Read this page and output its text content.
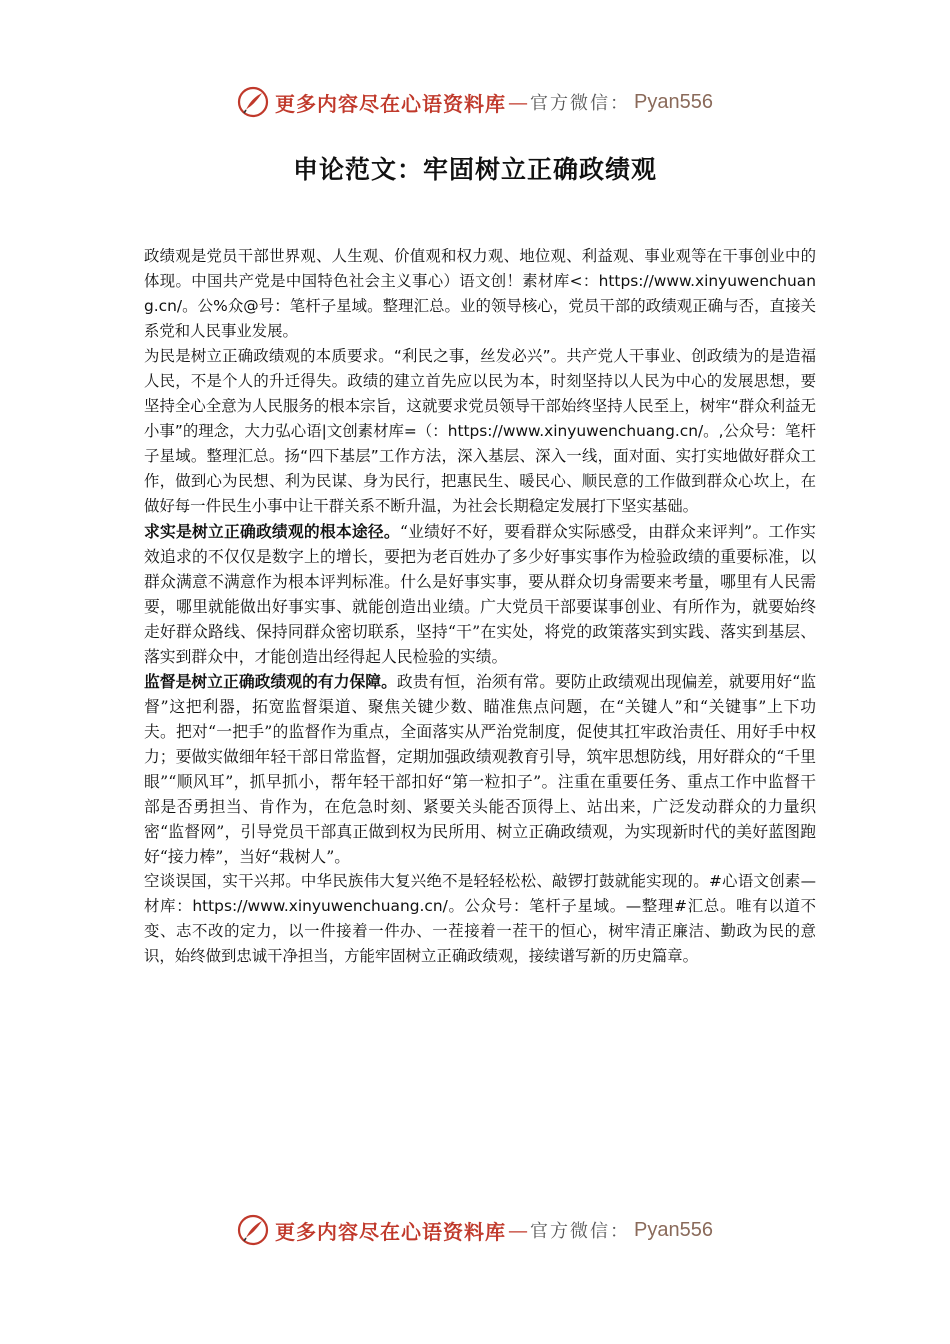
更多内容尽在心语资料库 — 官方微信： Pyan556
申论范文：牢固树立正确政绩观

政绩观是党员干部世界观、人生观、价值观和权力观、地位观、利益观、事业观等在干事创业中的体现。中国共产党是中国特色社会主义事心）语文创！素材库<：https://www.xinyuwenchuang.cn/。公%众@号：笔杆子星域。整理汇总。业的领导核心，党员干部的政绩观正确与否，直接关系党和人民事业发展。

为民是树立正确政绩观的本质要求。“利民之事，丝发必兴”。共产党人干事业、创政绩为的是造福人民，不是个人的升迁得失。政绩的建立首先应以民为本，时刻坚持以人民为中心的发展思想，要坚持全心全意为人民服务的根本宗旨，这就要求党员领导干部始终坚持人民至上，树牢“群众利益无小事”的理念，大力弘心语|文创素材库=（：https://www.xinyuwenchuang.cn/。,公众号：笔杆子星域。整理汇总。扬“四下基层”工作方法，深入基层、深入一线，面对面、实打实地做好群众工作，做到心为民想、利为民谋、身为民行，把惠民生、暖民心、顺民意的工作做到群众心坎上，在做好每一件民生小事中让干群关系不断升温，为社会长期稳定发展打下坚实基础。

求实是树立正确政绩观的根本途径。“业绩好不好，要看群众实际感受，由群众来评判”。工作实效追求的不仅仅是数字上的增长，要把为老百姓办了多少好事实事作为检验政绩的重要标准，以群众满意不满意作为根本评判标准。什么是好事实事，要从群众切身需要来考量，哪里有人民需要，哪里就能做出好事实事、就能创造出业绩。广大党员干部要谋事创业、有所作为，就要始终走好群众路线、保持同群众密切联系，坚持“干”在实处，将党的政策落实到实践、落实到基层、落实到群众中，才能创造出经得起人民检验的实绩。

监督是树立正确政绩观的有力保障。政贵有恒，治须有常。要防止政绩观出现偏差，就要用好“监督”这把利器，拓宽监督渠道、聚焦关键少数、瞄准焦点问题，在“关键人”和“关键事”上下功夫。把对“一把手”的监督作为重点，全面落实从严治党制度，促使其扛牢政治责任、用好手中权力；要做实做细年轻干部日常监督，定期加强政绩观教育引导，筑牢思想防线，用好群众的“千里眼”“顺风耳”，抓早抓小，帮年轻干部扣好“第一粒扣子”。注重在重要任务、重点工作中监督干部是否勇担当、肯作为，在危急时刻、紧要关头能否顶得上、站出来，广泛发动群众的力量织密“监督网”，引导党员干部真正做到权为民所用、树立正确政绩观，为实现新时代的美好蓝图跑好“接力棒”，当好“栽树人”。

空谈误国，实干兴邦。中华民族伟大复兴绝不是轻轻松松、敲锣打鼓就能实现的。#心语文创素—材库：https://www.xinyuwenchuang.cn/。公众号：笔杆子星域。—整理#汇总。唯有以道不变、志不改的定力，以一件接着一件办、一茬接着一茬干的恒心，树牢清正廉洁、勤政为民的意识，始终做到忠诚干净担当，方能牢固树立正确政绩观，接续谱写新的历史篇章。

更多内容尽在心语资料库 — 官方微信： Pyan556
